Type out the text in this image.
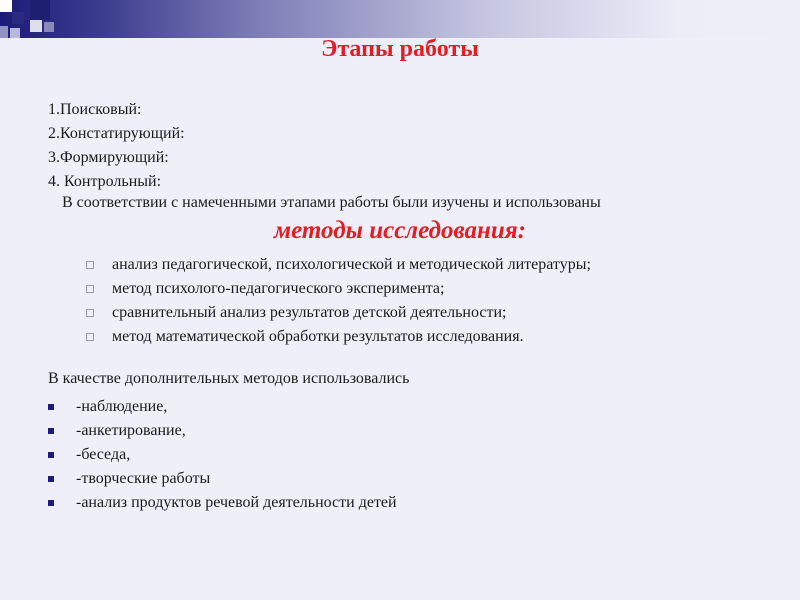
Этапы работы
1.Поисковый:
2.Констатирующий:
3.Формирующий:
4. Контрольный:
В соответствии с намеченными этапами работы были изучены и использованы
методы исследования:
анализ педагогической, психологической и методической литературы;
метод психолого-педагогического эксперимента;
сравнительный анализ результатов детской деятельности;
метод математической обработки результатов исследования.
В качестве дополнительных методов использовались
-наблюдение,
-анкетирование,
-беседа,
-творческие работы
-анализ продуктов речевой деятельности детей
